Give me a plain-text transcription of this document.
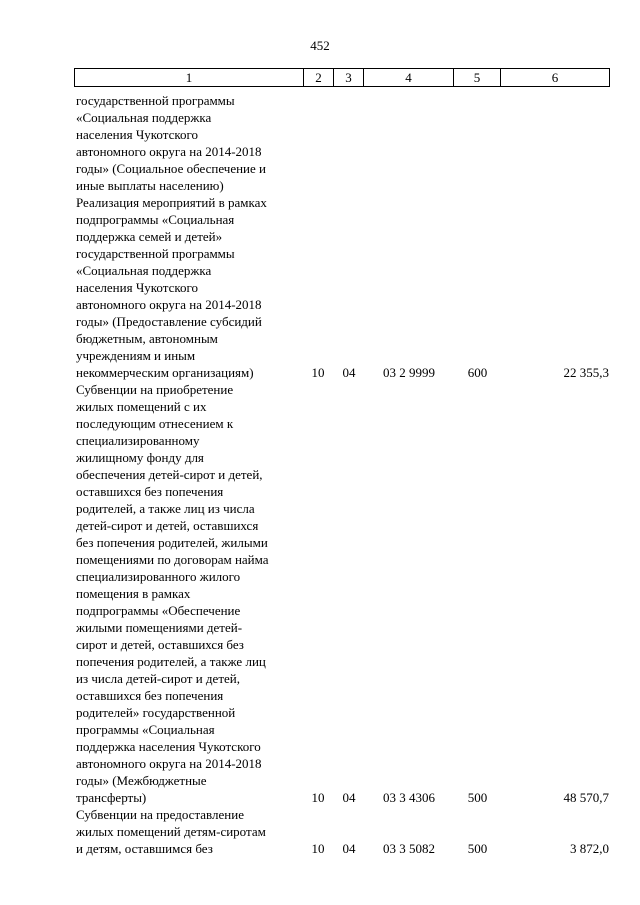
452
1	2	3	4	5	6
государственной программы
«Социальная поддержка
населения Чукотского
автономного округа на 2014-2018
годы» (Социальное обеспечение и
иные выплаты населению)
Реализация мероприятий в рамках
подпрограммы «Социальная
поддержка семей и детей»
государственной программы
«Социальная поддержка
населения Чукотского
автономного округа на 2014-2018
годы» (Предоставление субсидий
бюджетным, автономным
учреждениям и иным
некоммерческим организациям)	10	04	03 2 9999	600	22 355,3
Субвенции на приобретение
жилых помещений с их
последующим отнесением к
специализированному
жилищному фонду для
обеспечения детей-сирот и детей,
оставшихся без попечения
родителей, а также лиц из числа
детей-сирот и детей, оставшихся
без попечения родителей, жилыми
помещениями по договорам найма
специализированного жилого
помещения в рамках
подпрограммы «Обеспечение
жилыми помещениями детей-
сирот и детей, оставшихся без
попечения родителей, а также лиц
из числа детей-сирот и детей,
оставшихся без попечения
родителей» государственной
программы «Социальная
поддержка населения Чукотского
автономного округа на 2014-2018
годы» (Межбюджетные
трансферты)	10	04	03 3 4306	500	48 570,7
Субвенции на предоставление
жилых помещений детям-сиротам
и детям, оставшимся без	10	04	03 3 5082	500	3 872,0
